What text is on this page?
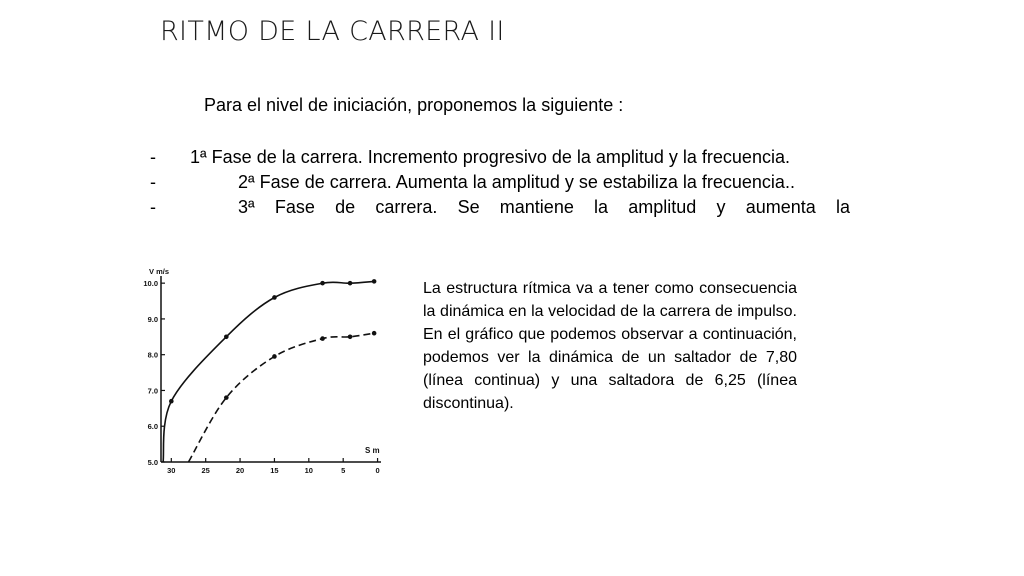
RITMO DE LA CARRERA II
Para el nivel de iniciación, proponemos la siguiente :

- 1ª Fase de la carrera. Incremento progresivo de la amplitud y la frecuencia.

-	2ª Fase de carrera. Aumenta la amplitud y se estabiliza la frecuencia..

-	3ª Fase de carrera. Se mantiene la amplitud y aumenta la

V m/s
S m
5.0
6.0
7.0
8.0
9.0
10.0
30	25	20	15	10	5	0
La estructura rítmica va a tener como consecuencia la dinámica en la velocidad de la carrera de impulso. En el gráfico que podemos observar a continuación, podemos ver la dinámica de un saltador de 7,80 (línea continua) y una saltadora de 6,25 (línea discontinua).
